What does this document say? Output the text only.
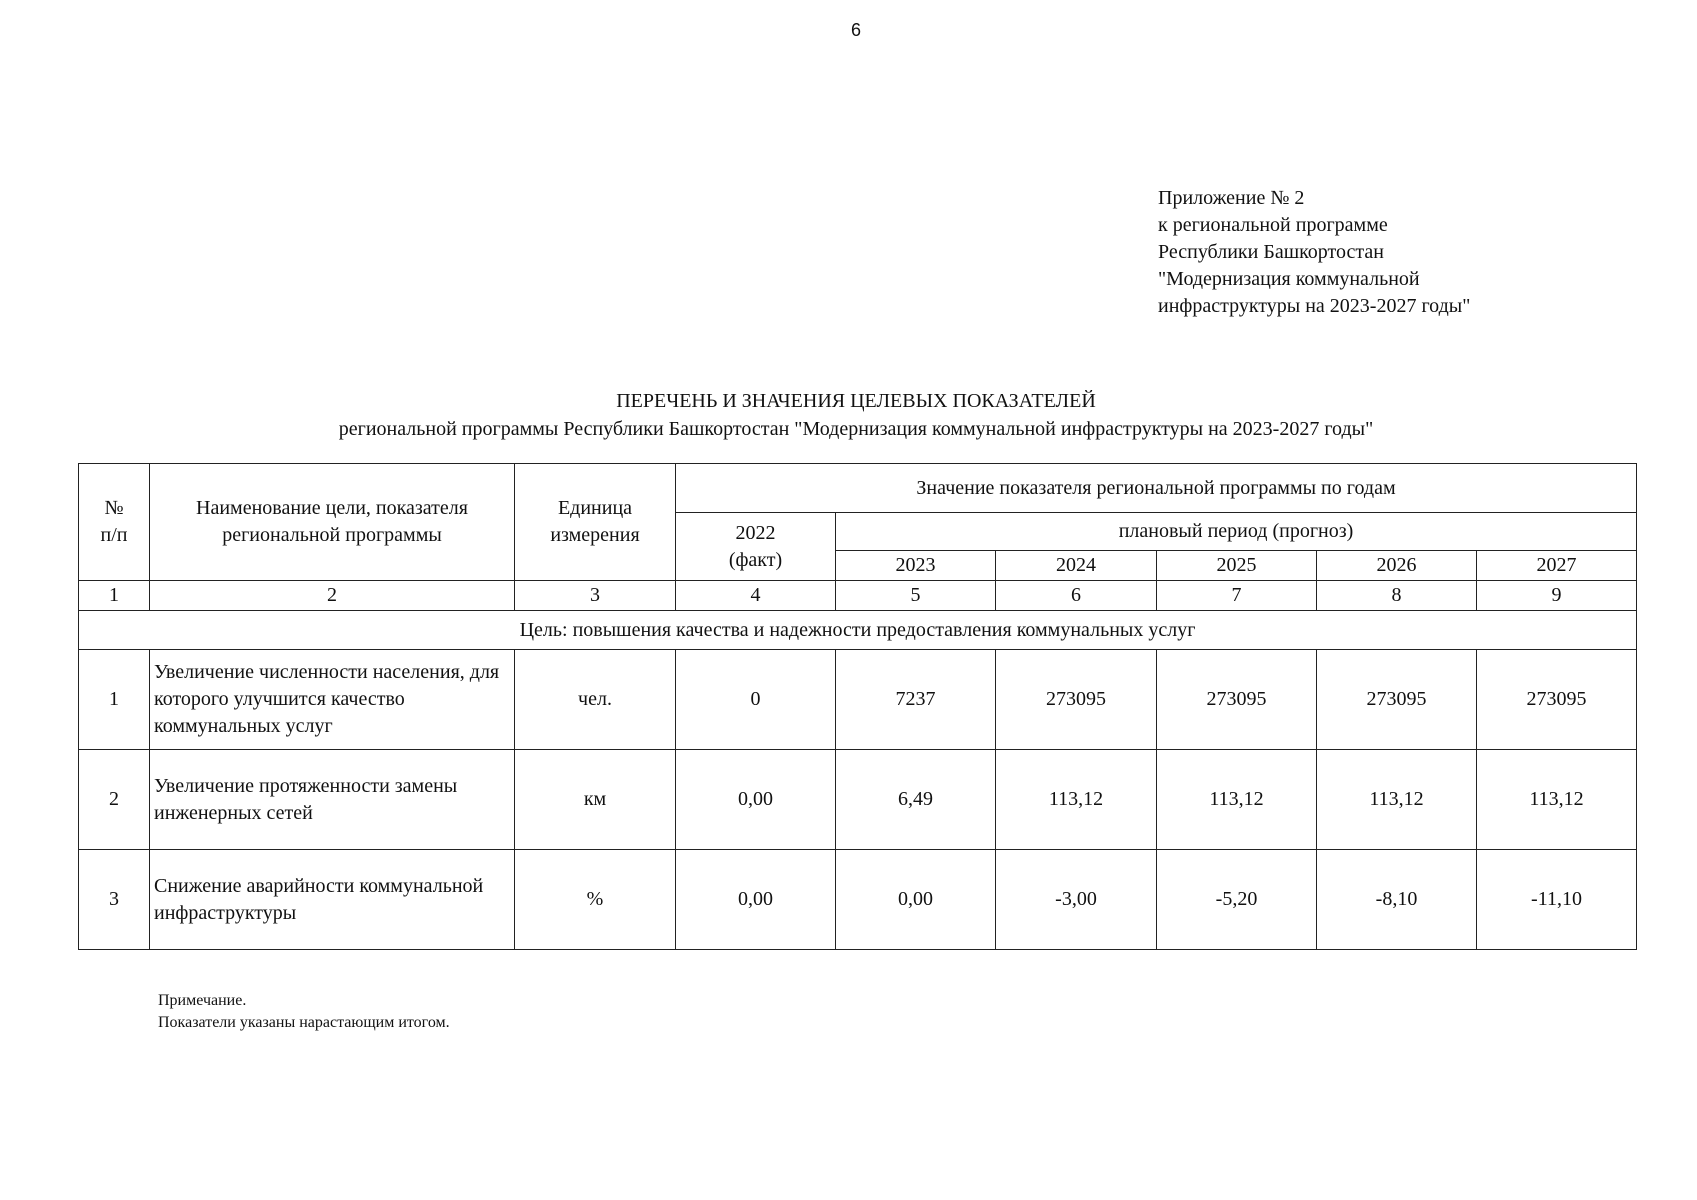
6
Приложение № 2
к региональной программе
Республики Башкортостан
"Модернизация коммунальной
инфраструктуры на 2023-2027 годы"
ПЕРЕЧЕНЬ И ЗНАЧЕНИЯ ЦЕЛЕВЫХ ПОКАЗАТЕЛЕЙ
региональной программы Республики Башкортостан "Модернизация коммунальной инфраструктуры на 2023-2027 годы"
№ п/п	Наименование цели, показателя региональной программы	Единица измерения	Значение показателя региональной программы по годам					

			2022 (факт)	плановый период (прогноз)				
				2023	2024	2025	2026	2027
1	2	3	4	5	6	7	8	9
Цель: повышения качества и надежности предоставления коммунальных услуг								
1	Увеличение численности населения, для которого улучшится качество коммунальных услуг	чел.	0	7237	273095	273095	273095	273095
2	Увеличение протяженности замены инженерных сетей	км	0,00	6,49	113,12	113,12	113,12	113,12
3	Снижение аварийности коммунальной инфраструктуры	%	0,00	0,00	-3,00	-5,20	-8,10	-11,10
Примечание.
Показатели указаны нарастающим итогом.
